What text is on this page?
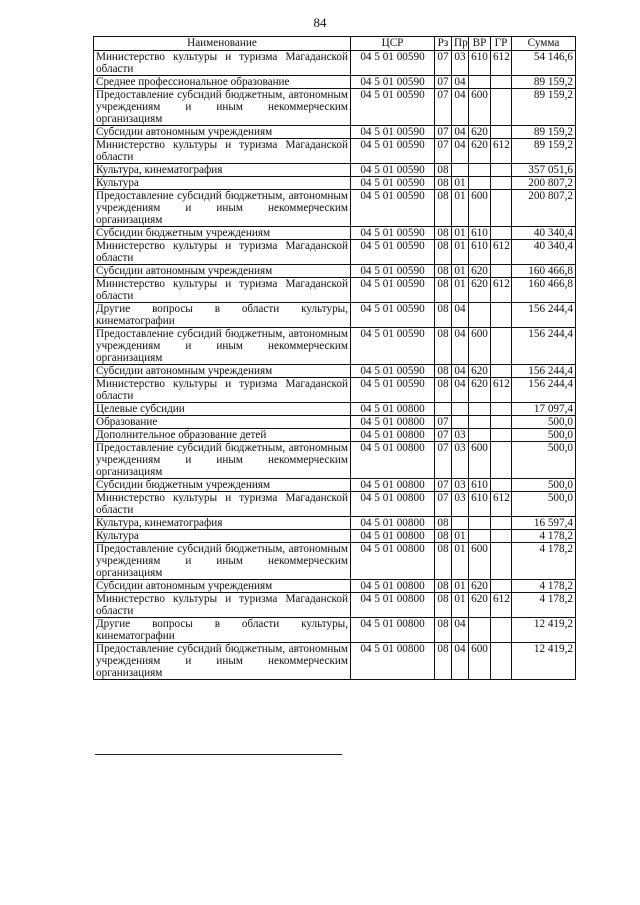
84
Наименование	ЦСР	Рз	Пр	ВР	ГР	Сумма
Министерство культуры и туризма Магаданской области	04 5 01 00590	07	03	610	612	54 146,6
Среднее профессиональное образование	04 5 01 00590	07	04			89 159,2
Предоставление субсидий бюджетным, автономным учреждениям и иным некоммерческим организациям	04 5 01 00590	07	04	600		89 159,2
Субсидии автономным учреждениям	04 5 01 00590	07	04	620		89 159,2
Министерство культуры и туризма Магаданской области	04 5 01 00590	07	04	620	612	89 159,2
Культура, кинематография	04 5 01 00590	08				357 051,6
Культура	04 5 01 00590	08	01			200 807,2
Предоставление субсидий бюджетным, автономным учреждениям и иным некоммерческим организациям	04 5 01 00590	08	01	600		200 807,2
Субсидии бюджетным учреждениям	04 5 01 00590	08	01	610		40 340,4
Министерство культуры и туризма Магаданской области	04 5 01 00590	08	01	610	612	40 340,4
Субсидии автономным учреждениям	04 5 01 00590	08	01	620		160 466,8
Министерство культуры и туризма Магаданской области	04 5 01 00590	08	01	620	612	160 466,8
Другие вопросы в области культуры, кинематографии	04 5 01 00590	08	04			156 244,4
Предоставление субсидий бюджетным, автономным учреждениям и иным некоммерческим организациям	04 5 01 00590	08	04	600		156 244,4
Субсидии автономным учреждениям	04 5 01 00590	08	04	620		156 244,4
Министерство культуры и туризма Магаданской области	04 5 01 00590	08	04	620	612	156 244,4
Целевые субсидии	04 5 01 00800					17 097,4
Образование	04 5 01 00800	07				500,0
Дополнительное образование детей	04 5 01 00800	07	03			500,0
Предоставление субсидий бюджетным, автономным учреждениям и иным некоммерческим организациям	04 5 01 00800	07	03	600		500,0
Субсидии бюджетным учреждениям	04 5 01 00800	07	03	610		500,0
Министерство культуры и туризма Магаданской области	04 5 01 00800	07	03	610	612	500,0
Культура, кинематография	04 5 01 00800	08				16 597,4
Культура	04 5 01 00800	08	01			4 178,2
Предоставление субсидий бюджетным, автономным учреждениям и иным некоммерческим организациям	04 5 01 00800	08	01	600		4 178,2
Субсидии автономным учреждениям	04 5 01 00800	08	01	620		4 178,2
Министерство культуры и туризма Магаданской области	04 5 01 00800	08	01	620	612	4 178,2
Другие вопросы в области культуры, кинематографии	04 5 01 00800	08	04			12 419,2
Предоставление субсидий бюджетным, автономным учреждениям и иным некоммерческим организациям	04 5 01 00800	08	04	600		12 419,2
